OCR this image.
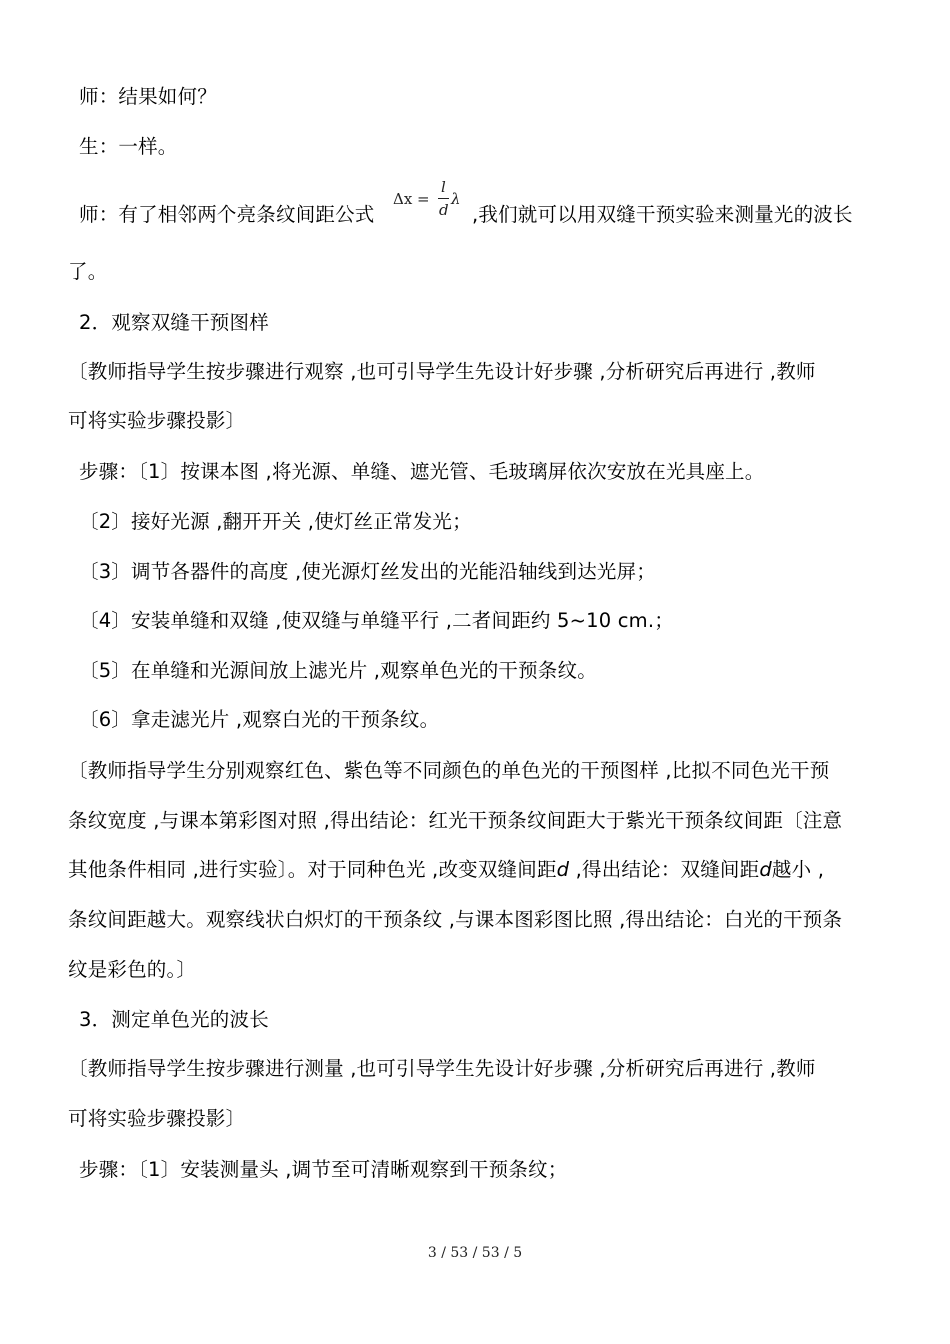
师：结果如何？
生：一样。
师：有了相邻两个亮条纹间距公式
Δx =
l
d
λ
,我们就可以用双缝干预实验来测量光的波长
了。
2．观察双缝干预图样
〔教师指导学生按步骤进行观察 ,也可引导学生先设计好步骤 ,分析研究后再进行 ,教师
可将实验步骤投影〕
步骤：〔1〕按课本图 ,将光源、单缝、遮光管、毛玻璃屏依次安放在光具座上。
〔2〕接好光源 ,翻开开关 ,使灯丝正常发光；
〔3〕调节各器件的高度 ,使光源灯丝发出的光能沿轴线到达光屏；
〔4〕安装单缝和双缝 ,使双缝与单缝平行 ,二者间距约 5~10 cm.；
〔5〕在单缝和光源间放上滤光片 ,观察单色光的干预条纹。
〔6〕拿走滤光片 ,观察白光的干预条纹。
〔教师指导学生分别观察红色、紫色等不同颜色的单色光的干预图样 ,比拟不同色光干预
条纹宽度 ,与课本第彩图对照 ,得出结论：红光干预条纹间距大于紫光干预条纹间距〔注意
其他条件相同 ,进行实验〕。对于同种色光 ,改变双缝间距d ,得出结论：双缝间距d越小 ,
条纹间距越大。观察线状白炽灯的干预条纹 ,与课本图彩图比照 ,得出结论：白光的干预条
纹是彩色的。〕
3．测定单色光的波长
〔教师指导学生按步骤进行测量 ,也可引导学生先设计好步骤 ,分析研究后再进行 ,教师
可将实验步骤投影〕
步骤：〔1〕安装测量头 ,调节至可清晰观察到干预条纹；
3 / 53 / 53 / 5
